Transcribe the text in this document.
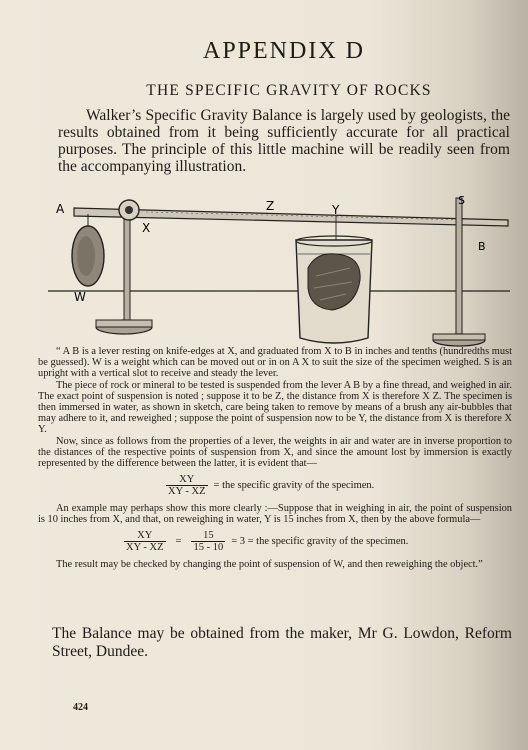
APPENDIX D
THE SPECIFIC GRAVITY OF ROCKS

Walker’s Specific Gravity Balance is largely used by geologists, the results obtained from it being sufficiently accurate for all practical purposes. The principle of this little machine will be readily seen from the accompanying illustration.

A
X
Z	Y
S
B
W

“ A B is a lever resting on knife-edges at X, and graduated from X to B in inches and tenths (hundredths must be guessed). W is a weight which can be moved out or in on A X to suit the size of the specimen weighed. S is an upright with a vertical slot to receive and steady the lever.

The piece of rock or mineral to be tested is suspended from the lever A B by a fine thread, and weighed in air. The exact point of suspension is noted ; suppose it to be Z, the distance from X is therefore X Z. The specimen is then immersed in water, as shown in sketch, care being taken to remove by means of a brush any air-bubbles that may adhere to it, and reweighed ; suppose the point of suspension now to be Y, the distance from X is therefore X Y.

Now, since as follows from the properties of a lever, the weights in air and water are in inverse proportion to the distances of the respective points of suspension from X, and since the amount lost by immersion is exactly represented by the difference between the latter, it is evident that—

$\frac{XY}{XY - XZ}$ = the specific gravity of the specimen.

An example may perhaps show this more clearly :—Suppose that in weighing in air, the point of suspension is 10 inches from X, and that, on reweighing in water, Y is 15 inches from X, then by the above formula—

$\frac{XY}{XY - XZ} = \frac{15}{15 - 10} = 3$ = the specific gravity of the specimen.

The result may be checked by changing the point of suspension of W, and then reweighing the object.”

The Balance may be obtained from the maker, Mr G. Lowdon, Reform Street, Dundee.

424
